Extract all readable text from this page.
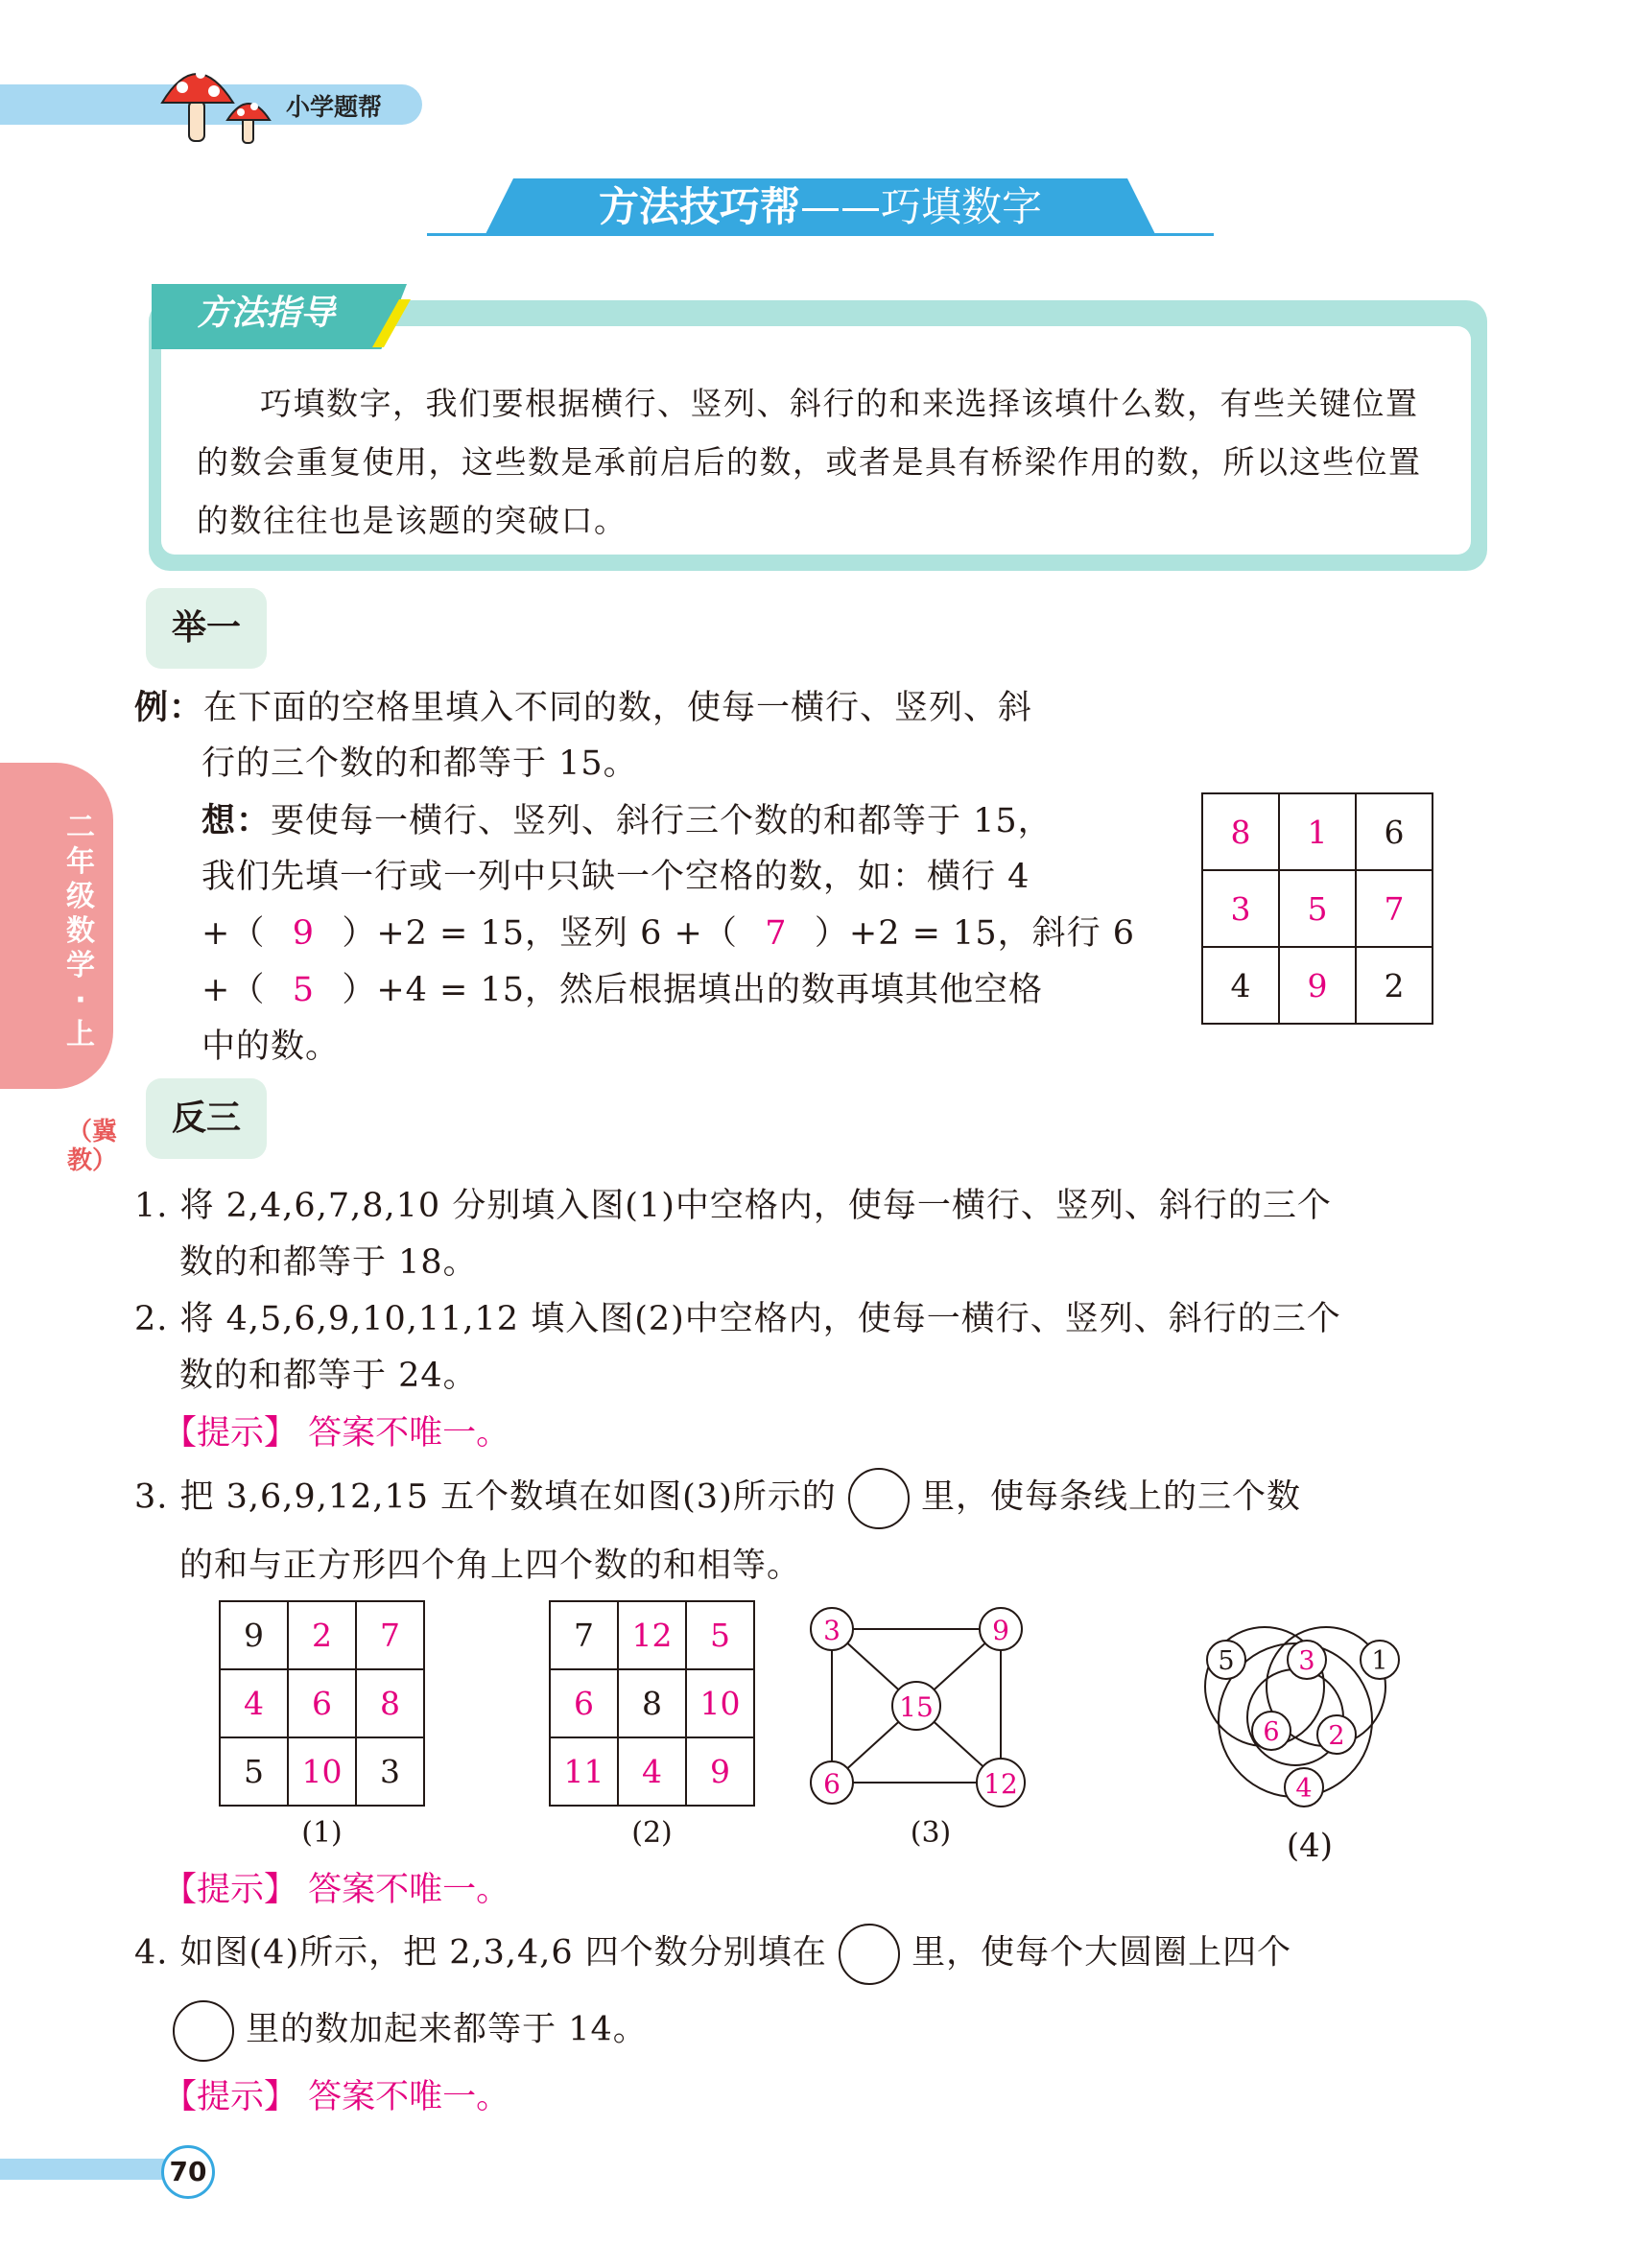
小学题帮
方法技巧帮——巧填数字
方法指导
巧填数字，我们要根据横行、竖列、斜行的和来选择该填什么数，有些关键位置的数会重复使用，这些数是承前启后的数，或者是具有桥梁作用的数，所以这些位置的数往往也是该题的突破口。
二年级数学·上
（冀教）
举一
例：在下面的空格里填入不同的数，使每一横行、竖列、斜
行的三个数的和都等于 15。
想：要使每一横行、竖列、斜行三个数的和都等于 15，
我们先填一行或一列中只缺一个空格的数，如：横行 4
+（ 9 ）+2 = 15，竖列 6 +（ 7 ）+2 = 15，斜行 6
+（ 5 ）+4 = 15，然后根据填出的数再填其他空格
中的数。
8	1	6
3	5	7
4	9	2
反三
1. 将 2,4,6,7,8,10 分别填入图(1)中空格内，使每一横行、竖列、斜行的三个
数的和都等于 18。
2. 将 4,5,6,9,10,11,12 填入图(2)中空格内，使每一横行、竖列、斜行的三个
数的和都等于 24。
【提示】 答案不唯一。
3. 把 3,6,9,12,15 五个数填在如图(3)所示的	里，使每条线上的三个数
的和与正方形四个角上四个数的和相等。
9	2	7
4	6	8
5	10	3
(1)
7	12	5
6	8	10
11	4	9
(2)
3	9
15
6	12
(3)
5 3 1
6 2
4
(4)
【提示】 答案不唯一。
4. 如图(4)所示，把 2,3,4,6 四个数分别填在	里，使每个大圆圈上四个
里的数加起来都等于 14。
【提示】 答案不唯一。
70
